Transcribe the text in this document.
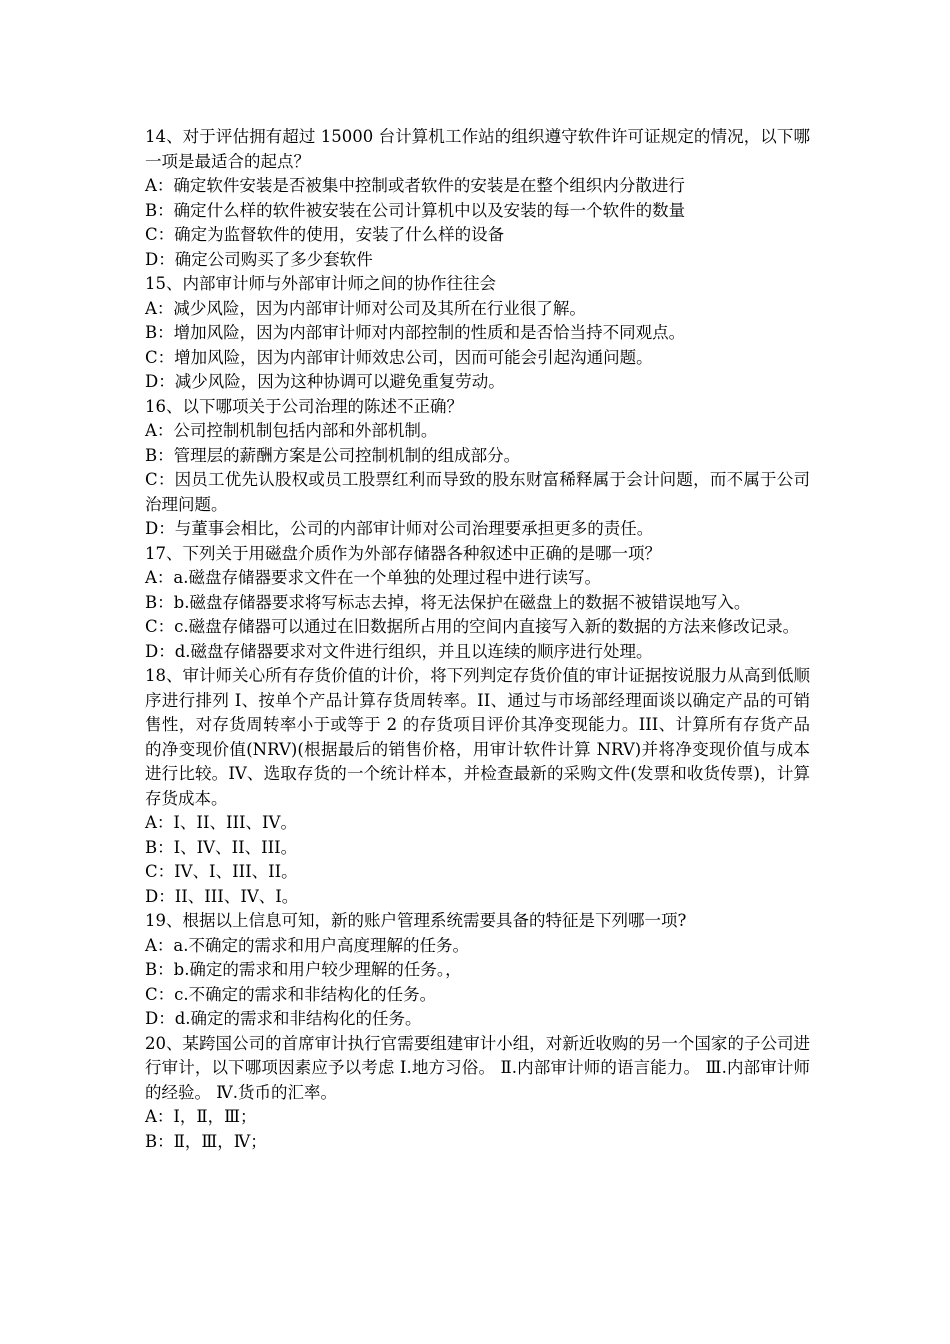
14、对于评估拥有超过 15000 台计算机工作站的组织遵守软件许可证规定的情况，以下哪一项是最适合的起点？

A：确定软件安装是否被集中控制或者软件的安装是在整个组织内分散进行

B：确定什么样的软件被安装在公司计算机中以及安装的每一个软件的数量

C：确定为监督软件的使用，安装了什么样的设备

D：确定公司购买了多少套软件

15、内部审计师与外部审计师之间的协作往往会

A：减少风险，因为内部审计师对公司及其所在行业很了解。

B：增加风险，因为内部审计师对内部控制的性质和是否恰当持不同观点。

C：增加风险，因为内部审计师效忠公司，因而可能会引起沟通问题。

D：减少风险，因为这种协调可以避免重复劳动。

16、以下哪项关于公司治理的陈述不正确？

A：公司控制机制包括内部和外部机制。

B：管理层的薪酬方案是公司控制机制的组成部分。

C：因员工优先认股权或员工股票红利而导致的股东财富稀释属于会计问题，而不属于公司治理问题。

D：与董事会相比，公司的内部审计师对公司治理要承担更多的责任。

17、下列关于用磁盘介质作为外部存储器各种叙述中正确的是哪一项？

A：a.磁盘存储器要求文件在一个单独的处理过程中进行读写。

B：b.磁盘存储器要求将写标志去掉，将无法保护在磁盘上的数据不被错误地写入。

C：c.磁盘存储器可以通过在旧数据所占用的空间内直接写入新的数据的方法来修改记录。

D：d.磁盘存储器要求对文件进行组织，并且以连续的顺序进行处理。

18、审计师关心所有存货价值的计价，将下列判定存货价值的审计证据按说服力从高到低顺序进行排列 I、按单个产品计算存货周转率。II、通过与市场部经理面谈以确定产品的可销售性，对存货周转率小于或等于 2 的存货项目评价其净变现能力。III、计算所有存货产品的净变现价值(NRV)(根据最后的销售价格，用审计软件计算 NRV)并将净变现价值与成本进行比较。IV、选取存货的一个统计样本，并检查最新的采购文件(发票和收货传票)，计算存货成本。

A：I、II、III、IV。

B：I、IV、II、III。

C：IV、I、III、II。

D：II、III、IV、I。

19、根据以上信息可知，新的账户管理系统需要具备的特征是下列哪一项?

A：a.不确定的需求和用户高度理解的任务。

B：b.确定的需求和用户较少理解的任务。，

C：c.不确定的需求和非结构化的任务。

D：d.确定的需求和非结构化的任务。

20、某跨国公司的首席审计执行官需要组建审计小组，对新近收购的另一个国家的子公司进行审计，以下哪项因素应予以考虑 Ⅰ.地方习俗。 Ⅱ.内部审计师的语言能力。 Ⅲ.内部审计师的经验。 Ⅳ.货币的汇率。

A：Ⅰ，Ⅱ，Ⅲ；

B：Ⅱ，Ⅲ，Ⅳ；
